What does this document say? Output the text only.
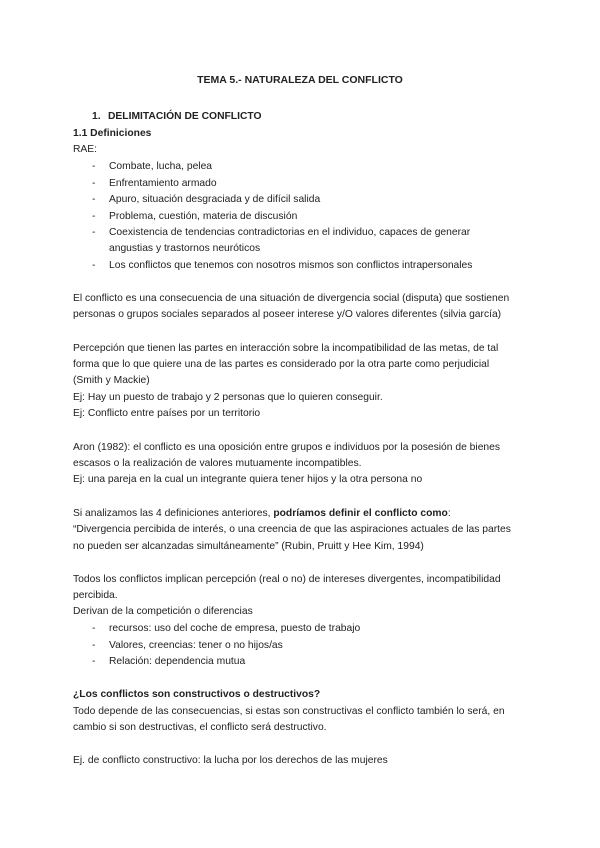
TEMA 5.- NATURALEZA DEL CONFLICTO
1. DELIMITACIÓN DE CONFLICTO
1.1 Definiciones
RAE:
- Combate, lucha, pelea
- Enfrentamiento armado
- Apuro, situación desgraciada y de difícil salida
- Problema, cuestión, materia de discusión
- Coexistencia de tendencias contradictorias en el individuo, capaces de generar
angustias y trastornos neuróticos
- Los conflictos que tenemos con nosotros mismos son conflictos intrapersonales
El conflicto es una consecuencia de una situación de divergencia social (disputa) que sostienen
personas o grupos sociales separados al poseer interese y/O valores diferentes (silvia garcía)
Percepción que tienen las partes en interacción sobre la incompatibilidad de las metas, de tal
forma que lo que quiere una de las partes es considerado por la otra parte como perjudicial
(Smith y Mackie)
Ej: Hay un puesto de trabajo y 2 personas que lo quieren conseguir.
Ej: Conflicto entre países por un territorio
Aron (1982): el conflicto es una oposición entre grupos e individuos por la posesión de bienes
escasos o la realización de valores mutuamente incompatibles.
Ej: una pareja en la cual un integrante quiera tener hijos y la otra persona no
Si analizamos las 4 definiciones anteriores, podríamos definir el conflicto como:
“Divergencia percibida de interés, o una creencia de que las aspiraciones actuales de las partes
no pueden ser alcanzadas simultáneamente” (Rubin, Pruitt y Hee Kim, 1994)
Todos los conflictos implican percepción (real o no) de intereses divergentes, incompatibilidad
percibida.
Derivan de la competición o diferencias
- recursos: uso del coche de empresa, puesto de trabajo
- Valores, creencias: tener o no hijos/as
- Relación: dependencia mutua
¿Los conflictos son constructivos o destructivos?
Todo depende de las consecuencias, si estas son constructivas el conflicto también lo será, en
cambio si son destructivas, el conflicto será destructivo.
Ej. de conflicto constructivo: la lucha por los derechos de las mujeres
